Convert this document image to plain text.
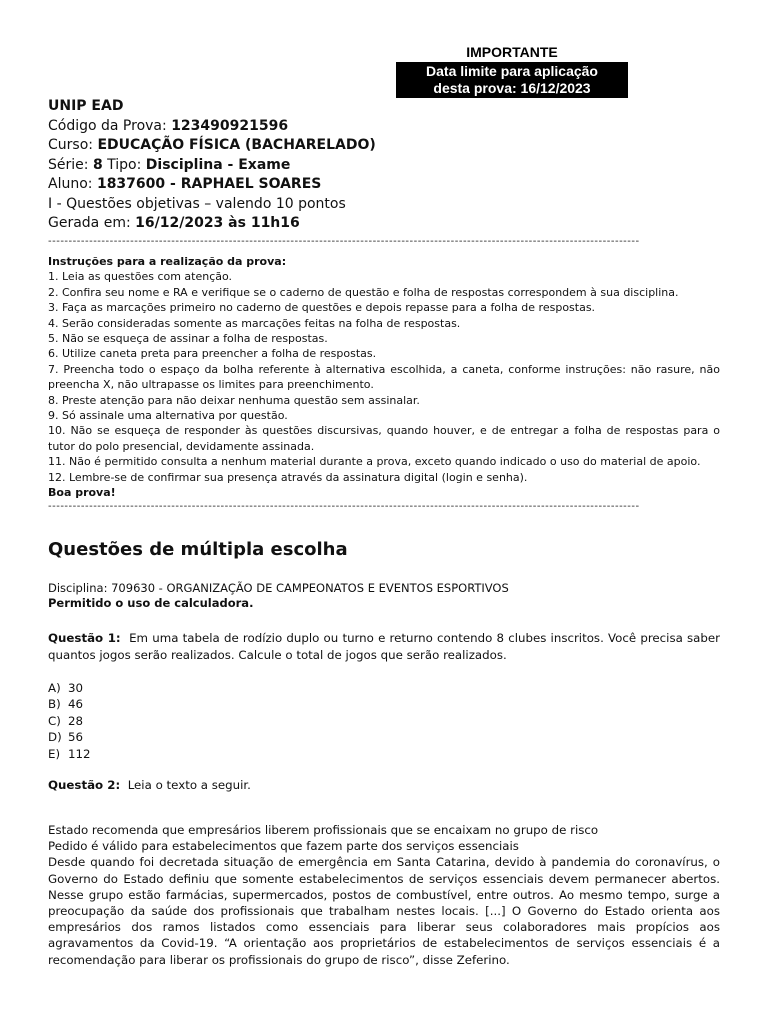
IMPORTANTE
Data limite para aplicação
desta prova: 16/12/2023
UNIP EAD
Código da Prova: 123490921596
Curso: EDUCAÇÃO FÍSICA (BACHARELADO)
Série: 8 Tipo: Disciplina - Exame
Aluno: 1837600 - RAPHAEL SOARES
I - Questões objetivas – valendo 10 pontos
Gerada em: 16/12/2023 às 11h16
------------------------------------------------------------------------------------------------------------------------------------------------

Instruções para a realização da prova:

1. Leia as questões com atenção.

2. Confira seu nome e RA e verifique se o caderno de questão e folha de respostas correspondem à sua disciplina.

3. Faça as marcações primeiro no caderno de questões e depois repasse para a folha de respostas.

4. Serão consideradas somente as marcações feitas na folha de respostas.

5. Não se esqueça de assinar a folha de respostas.

6. Utilize caneta preta para preencher a folha de respostas.

7. Preencha todo o espaço da bolha referente à alternativa escolhida, a caneta, conforme instruções: não rasure, não preencha X, não ultrapasse os limites para preenchimento.

8. Preste atenção para não deixar nenhuma questão sem assinalar.

9. Só assinale uma alternativa por questão.

10. Não se esqueça de responder às questões discursivas, quando houver, e de entregar a folha de respostas para o tutor do polo presencial, devidamente assinada.

11. Não é permitido consulta a nenhum material durante a prova, exceto quando indicado o uso do material de apoio.

12. Lembre-se de confirmar sua presença através da assinatura digital (login e senha).

Boa prova!

------------------------------------------------------------------------------------------------------------------------------------------------
Questões de múltipla escolha
Disciplina: 709630 - ORGANIZAÇÃO DE CAMPEONATOS E EVENTOS ESPORTIVOS
Permitido o uso de calculadora.
Questão 1: Em uma tabela de rodízio duplo ou turno e returno contendo 8 clubes inscritos. Você precisa saber quantos jogos serão realizados. Calcule o total de jogos que serão realizados.
A) 30
B) 46
C) 28
D) 56
E) 112
Questão 2: Leia o texto a seguir.

Estado recomenda que empresários liberem profissionais que se encaixam no grupo de risco

Pedido é válido para estabelecimentos que fazem parte dos serviços essenciais

Desde quando foi decretada situação de emergência em Santa Catarina, devido à pandemia do coronavírus, o Governo do Estado definiu que somente estabelecimentos de serviços essenciais devem permanecer abertos. Nesse grupo estão farmácias, supermercados, postos de combustível, entre outros. Ao mesmo tempo, surge a preocupação da saúde dos profissionais que trabalham nestes locais. [...] O Governo do Estado orienta aos empresários dos ramos listados como essenciais para liberar seus colaboradores mais propícios aos agravamentos da Covid-19. “A orientação aos proprietários de estabelecimentos de serviços essenciais é a recomendação para liberar os profissionais do grupo de risco”, disse Zeferino.
